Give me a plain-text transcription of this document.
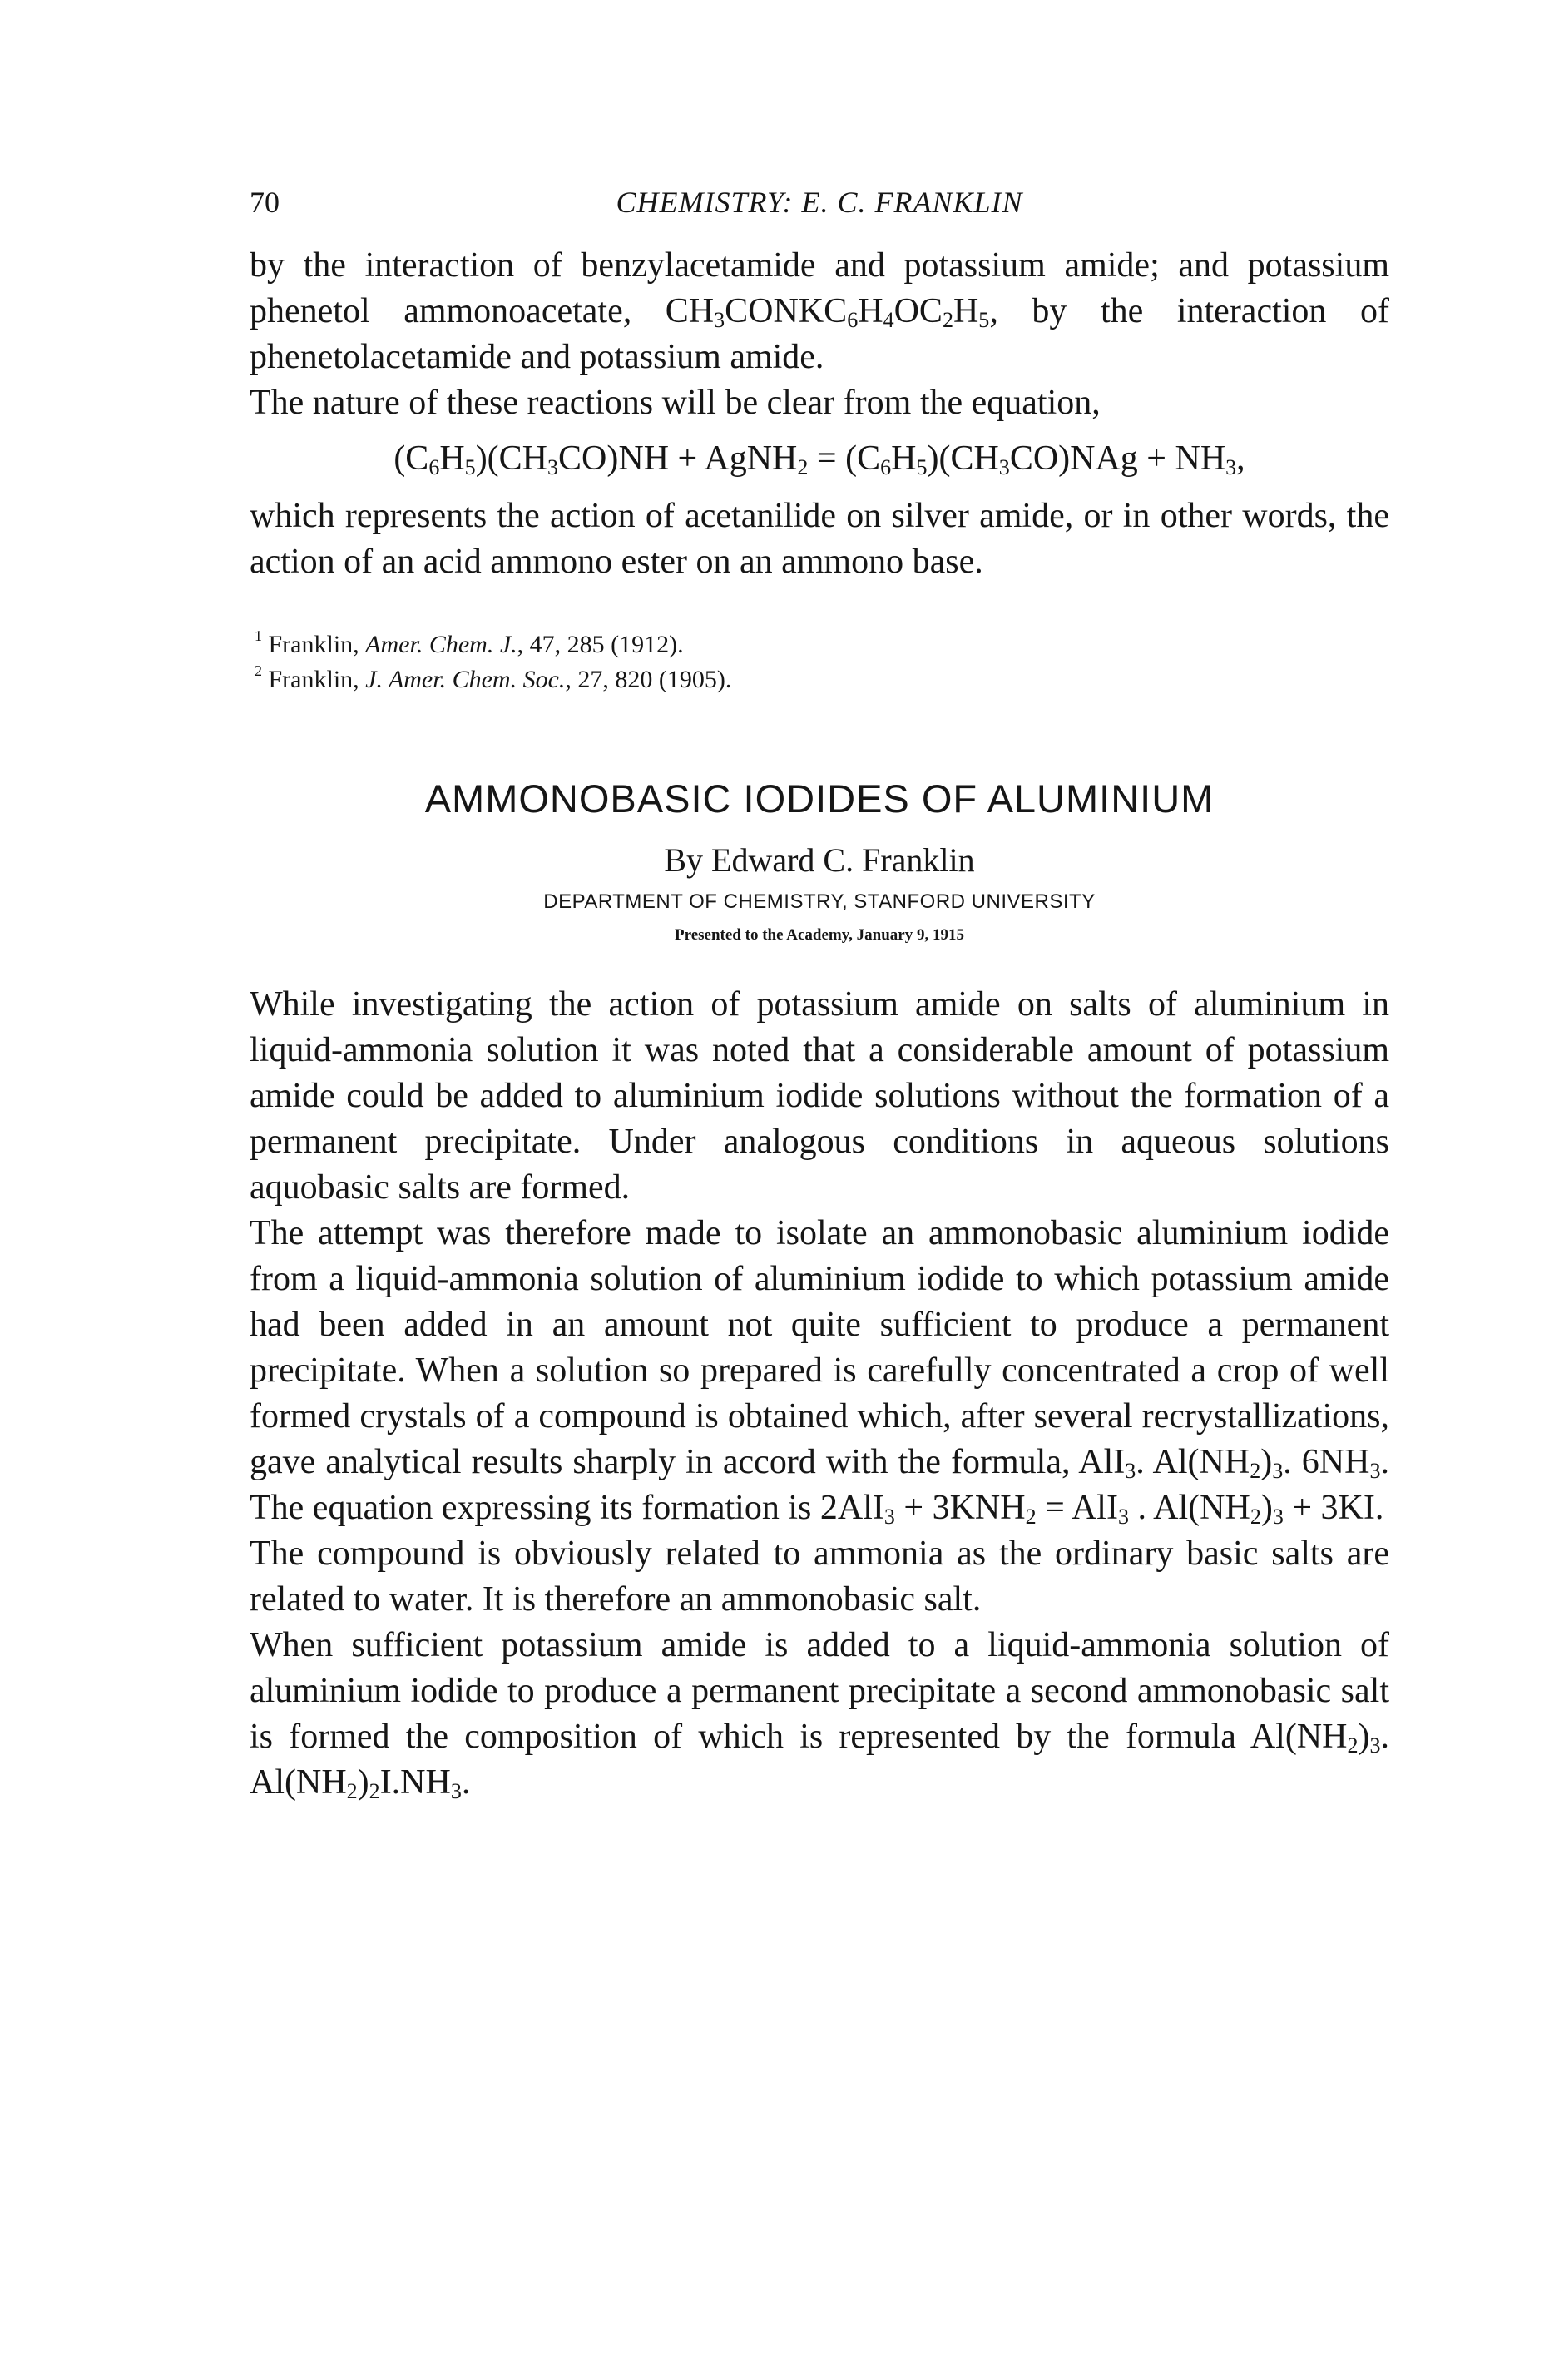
70	CHEMISTRY: E. C. FRANKLIN

by the interaction of benzylacetamide and potassium amide; and potassium phenetol ammonoacetate, $CH_3CONKC_6H_4OC_2H_5$, by the interaction of phenetolacetamide and potassium amide.

The nature of these reactions will be clear from the equation,

$(C_6H_5)(CH_3CO)NH$ + AgNH$_2$ = $(C_6H_5)(CH_3CO)NAg + NH_3$,

which represents the action of acetanilide on silver amide, or in other words, the action of an acid ammono ester on an ammono base.

$^1$ Franklin, Amer. Chem. J., 47, 285 (1912).
$^2$ Franklin, J. Amer. Chem. Soc., 27, 820 (1905).
AMMONOBASIC IODIDES OF ALUMINIUM
By Edward C. Franklin
DEPARTMENT OF CHEMISTRY, STANFORD UNIVERSITY
Presented to the Academy, January 9, 1915

While investigating the action of potassium amide on salts of aluminium in liquid-ammonia solution it was noted that a considerable amount of potassium amide could be added to aluminium iodide solutions without the formation of a permanent precipitate. Under analogous conditions in aqueous solutions aquobasic salts are formed.

The attempt was therefore made to isolate an ammonobasic aluminium iodide from a liquid-ammonia solution of aluminium iodide to which potassium amide had been added in an amount not quite sufficient to produce a permanent precipitate. When a solution so prepared is carefully concentrated a crop of well formed crystals of a compound is obtained which, after several recrystallizations, gave analytical results sharply in accord with the formula, AlI$_3$. $Al(NH_2)_3$. $6NH_3$. The equation expressing its formation is $2AlI_3 + 3KNH_2 = AlI_3$ . $Al(NH_2)_3 + 3KI$.

The compound is obviously related to ammonia as the ordinary basic salts are related to water. It is therefore an ammonobasic salt.

When sufficient potassium amide is added to a liquid-ammonia solution of aluminium iodide to produce a permanent precipitate a second ammonobasic salt is formed the composition of which is represented by the formula $Al(NH_2)_3$. $Al(NH_2)_2I.NH_3$.
